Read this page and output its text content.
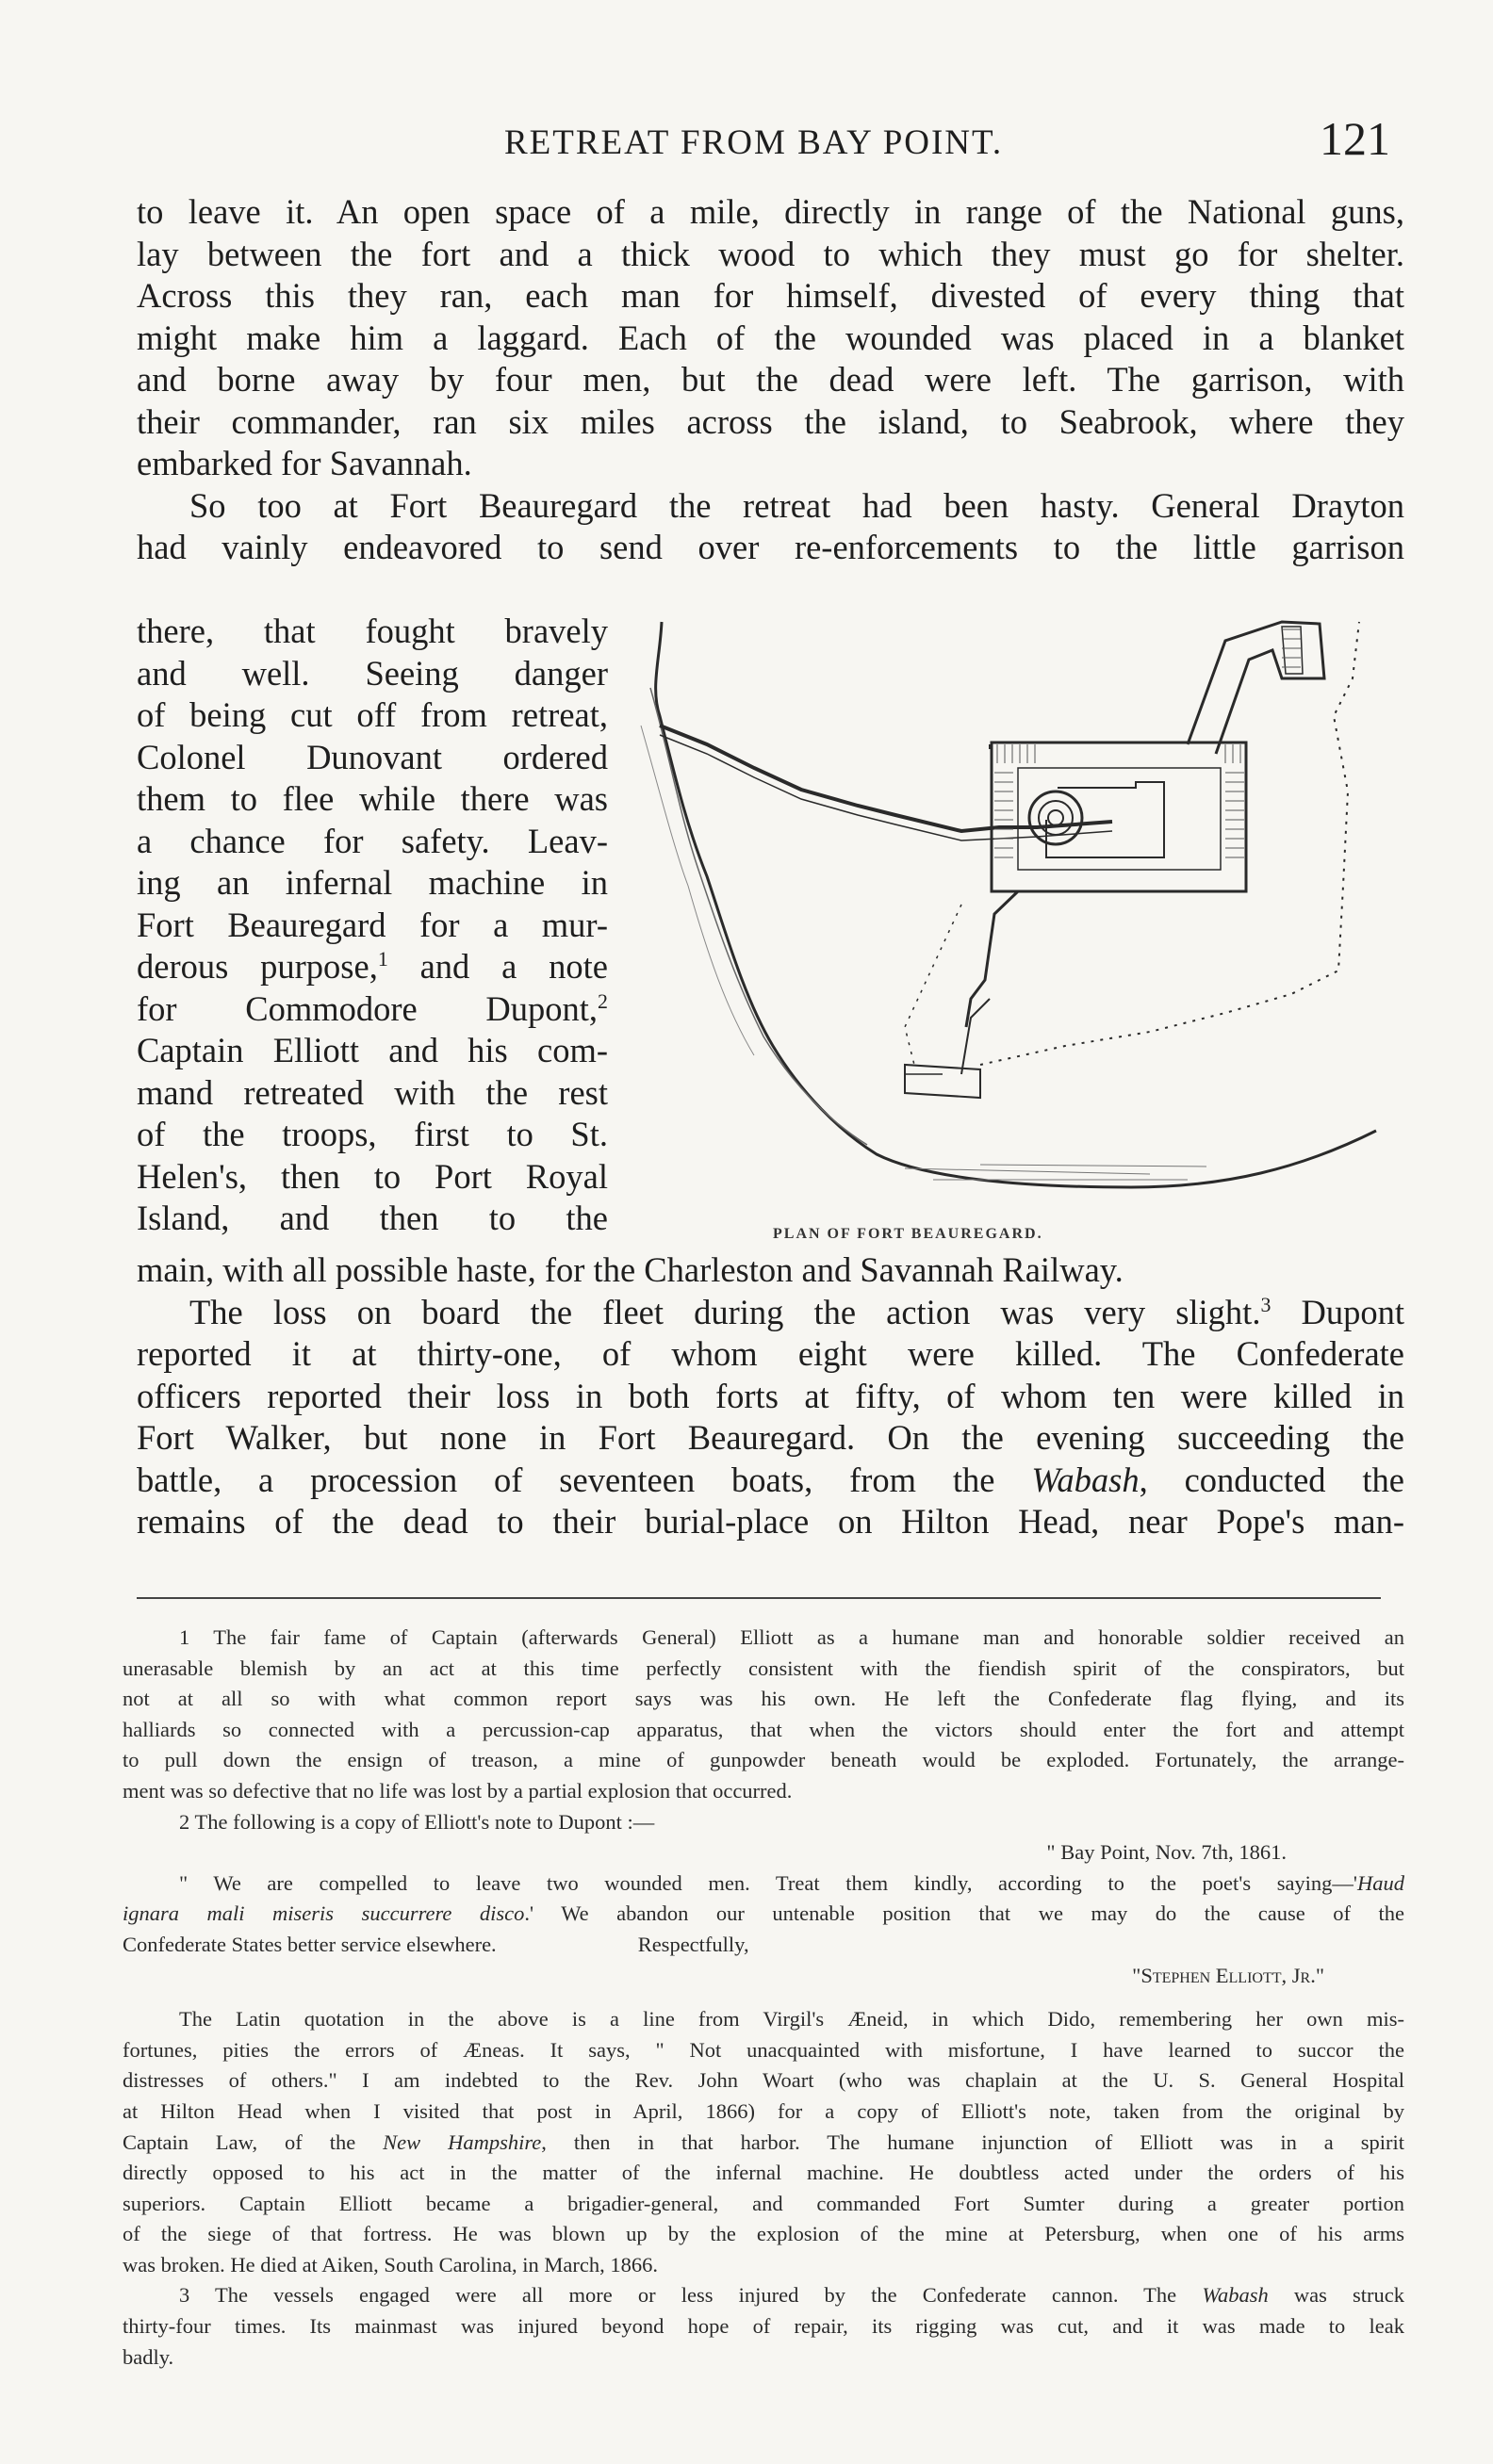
RETREAT FROM BAY POINT.	121

to leave it. An open space of a mile, directly in range of the National guns,

lay between the fort and a thick wood to which they must go for shelter.

Across this they ran, each man for himself, divested of every thing that

might make him a laggard. Each of the wounded was placed in a blanket

and borne away by four men, but the dead were left. The garrison, with

their commander, ran six miles across the island, to Seabrook, where they

embarked for Savannah.

So too at Fort Beauregard the retreat had been hasty. General Drayton

had vainly endeavored to send over re-enforcements to the little garrison

there, that fought bravely
and well. Seeing danger
of being cut off from retreat,
Colonel Dunovant ordered
them to flee while there was
a chance for safety. Leav-
ing an infernal machine in
Fort Beauregard for a mur-
derous purpose,$^1$ and a note
for Commodore Dupont,$^2$
Captain Elliott and his com-
mand retreated with the rest
of the troops, first to St.
Helen's, then to Port Royal
Island, and then to the	PLAN OF FORT BEAUREGARD.

main, with all possible haste, for the Charleston and Savannah Railway.

The loss on board the fleet during the action was very slight.$^3$ Dupont

reported it at thirty-one, of whom eight were killed. The Confederate

officers reported their loss in both forts at fifty, of whom ten were killed in

Fort Walker, but none in Fort Beauregard. On the evening succeeding the

battle, a procession of seventeen boats, from the Wabash, conducted the

remains of the dead to their burial-place on Hilton Head, near Pope's man-

1 The fair fame of Captain (afterwards General) Elliott as a humane man and honorable soldier received an

unerasable blemish by an act at this time perfectly consistent with the fiendish spirit of the conspirators, but

not at all so with what common report says was his own. He left the Confederate flag flying, and its

halliards so connected with a percussion-cap apparatus, that when the victors should enter the fort and attempt

to pull down the ensign of treason, a mine of gunpowder beneath would be exploded. Fortunately, the arrange-

ment was so defective that no life was lost by a partial explosion that occurred.

2 The following is a copy of Elliott's note to Dupont :—

" Bay Point, Nov. 7th, 1861.

" We are compelled to leave two wounded men. Treat them kindly, according to the poet's saying—'Haud

ignara mali miseris succurrere disco.' We abandon our untenable position that we may do the cause of the

Confederate States better service elsewhere.	Respectfully,

"Stephen Elliott, Jr."

The Latin quotation in the above is a line from Virgil's Æneid, in which Dido, remembering her own mis-

fortunes, pities the errors of Æneas. It says, " Not unacquainted with misfortune, I have learned to succor the

distresses of others." I am indebted to the Rev. John Woart (who was chaplain at the U. S. General Hospital

at Hilton Head when I visited that post in April, 1866) for a copy of Elliott's note, taken from the original by

Captain Law, of the New Hampshire, then in that harbor. The humane injunction of Elliott was in a spirit

directly opposed to his act in the matter of the infernal machine. He doubtless acted under the orders of his

superiors. Captain Elliott became a brigadier-general, and commanded Fort Sumter during a greater portion

of the siege of that fortress. He was blown up by the explosion of the mine at Petersburg, when one of his arms

was broken. He died at Aiken, South Carolina, in March, 1866.

3 The vessels engaged were all more or less injured by the Confederate cannon. The Wabash was struck

thirty-four times. Its mainmast was injured beyond hope of repair, its rigging was cut, and it was made to leak

badly.
